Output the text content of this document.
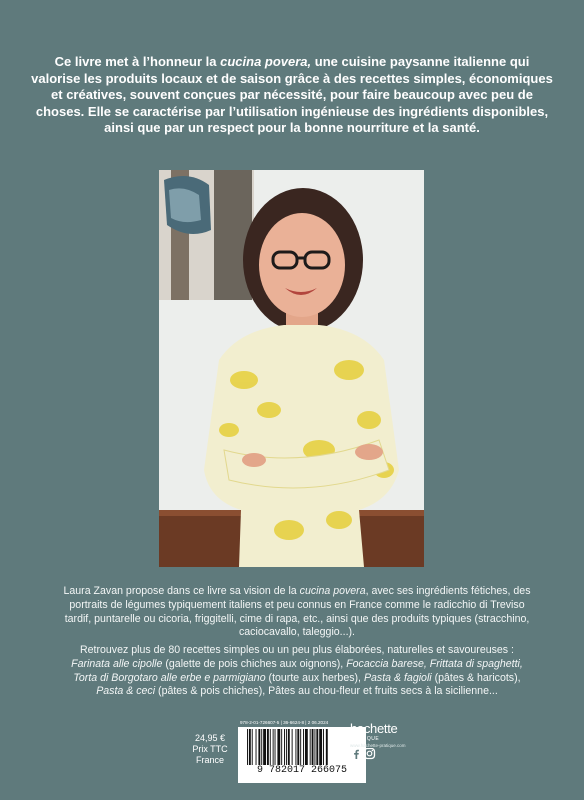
Ce livre met à l’honneur la cucina povera, une cuisine paysanne italienne qui valorise les produits locaux et de saison grâce à des recettes simples, économiques et créatives, souvent conçues par nécessité, pour faire beaucoup avec peu de choses. Elle se caractérise par l’utilisation ingénieuse des ingrédients disponibles, ainsi que par un respect pour la bonne nourriture et la santé.

Laura Zavan propose dans ce livre sa vision de la cucina povera, avec ses ingrédients fétiches, des portraits de légumes typiquement italiens et peu connus en France comme le radicchio di Treviso tardif, puntarelle ou cicoria, friggitelli, cime di rapa, etc., ainsi que des produits typiques (stracchino, caciocavallo, taleggio...).

Retrouvez plus de 80 recettes simples ou un peu plus élaborées, naturelles et savoureuses : Farinata alle cipolle (galette de pois chiches aux oignons), Focaccia barese, Frittata di spaghetti, Torta di Borgotaro alle erbe e parmigiano (tourte aux herbes), Pasta & fagioli (pâtes & haricots), Pasta & ceci (pâtes & pois chiches), Pâtes au chou-fleur et fruits secs à la sicilienne...

24,95 €
Prix TTC
France
978-2-01-726607-5 | 36-6624-8 | 2 06.2024
9 782017 266075
hachette
PRATIQUE
www.hachette-pratique.com
